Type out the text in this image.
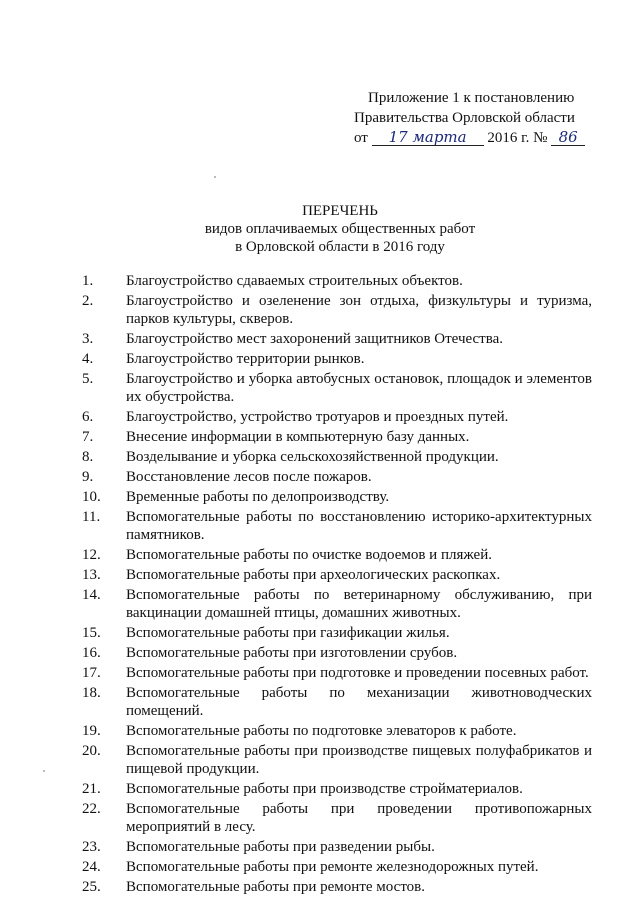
Приложение 1 к постановлению
Правительства Орловской области
от 17 марта 2016 г. № 86
ПЕРЕЧЕНЬ
видов оплачиваемых общественных работ
в Орловской области в 2016 году
1.	Благоустройство сдаваемых строительных объектов.
2.	Благоустройство и озеленение зон отдыха, физкультуры и туризма, парков культуры, скверов.
3.	Благоустройство мест захоронений защитников Отечества.
4.	Благоустройство территории рынков.
5.	Благоустройство и уборка автобусных остановок, площадок и элементов их обустройства.
6.	Благоустройство, устройство тротуаров и проездных путей.
7.	Внесение информации в компьютерную базу данных.
8.	Возделывание и уборка сельскохозяйственной продукции.
9.	Восстановление лесов после пожаров.
10.	Временные работы по делопроизводству.
11.	Вспомогательные работы по восстановлению историко-архитектурных памятников.
12.	Вспомогательные работы по очистке водоемов и пляжей.
13.	Вспомогательные работы при археологических раскопках.
14.	Вспомогательные работы по ветеринарному обслуживанию, при вакцинации домашней птицы, домашних животных.
15.	Вспомогательные работы при газификации жилья.
16.	Вспомогательные работы при изготовлении срубов.
17.	Вспомогательные работы при подготовке и проведении посевных работ.
18.	Вспомогательные работы по механизации животноводческих помещений.
19.	Вспомогательные работы по подготовке элеваторов к работе.
20.	Вспомогательные работы при производстве пищевых полуфабрикатов и пищевой продукции.
21.	Вспомогательные работы при производстве стройматериалов.
22.	Вспомогательные работы при проведении противопожарных мероприятий в лесу.
23.	Вспомогательные работы при разведении рыбы.
24.	Вспомогательные работы при ремонте железнодорожных путей.
25.	Вспомогательные работы при ремонте мостов.
